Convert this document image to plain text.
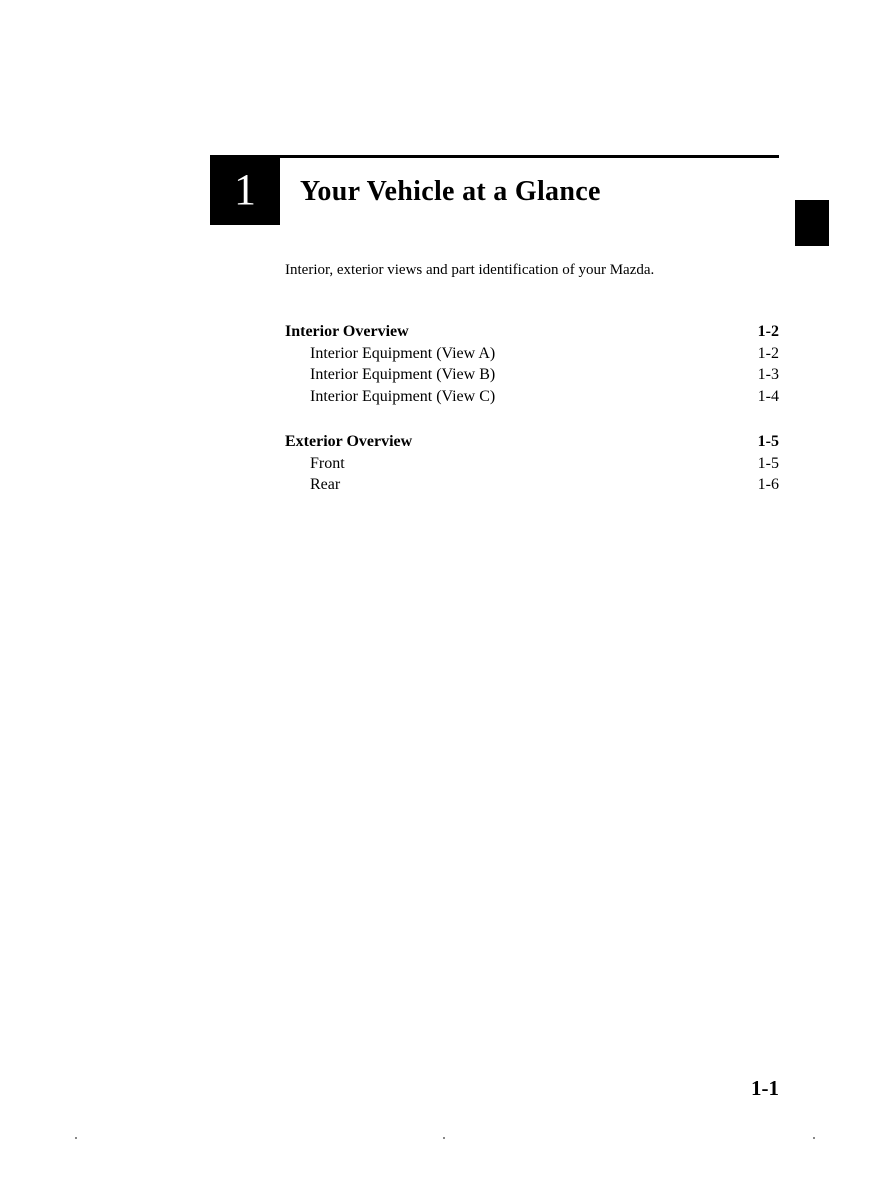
1 Your Vehicle at a Glance
Interior, exterior views and part identification of your Mazda.
Interior Overview	1-2
Interior Equipment (View A)	1-2
Interior Equipment (View B)	1-3
Interior Equipment (View C)	1-4
Exterior Overview	1-5
Front	1-5
Rear	1-6
1-1
